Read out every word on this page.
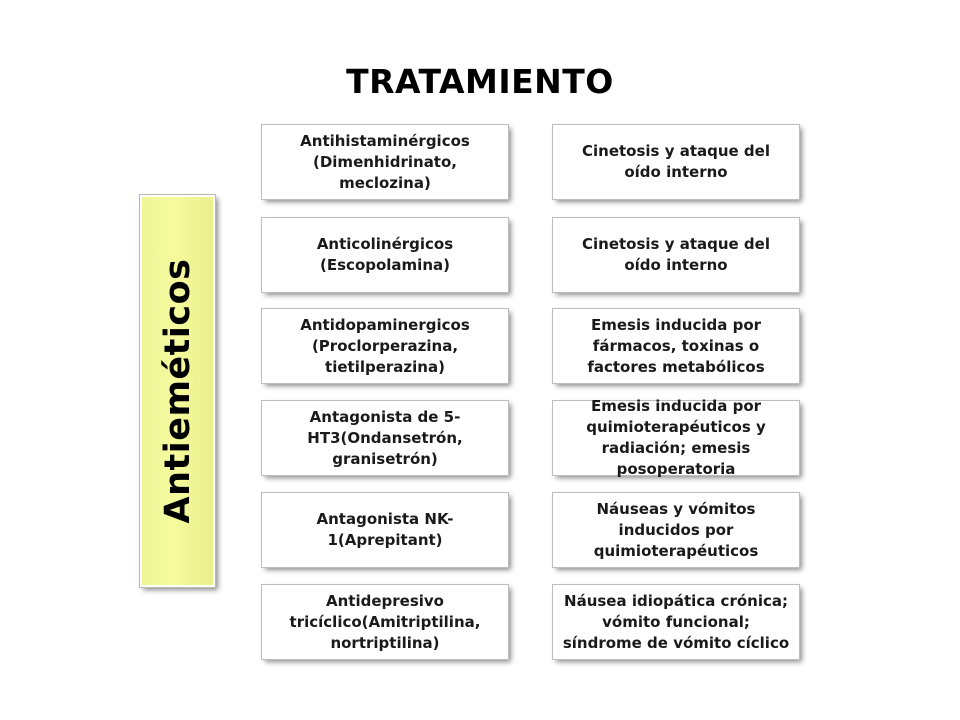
TRATAMIENTO
Antieméticos
Antihistaminérgicos (Dimenhidrinato, meclozina)
Cinetosis y ataque del oído interno
Anticolinérgicos (Escopolamina)
Cinetosis y ataque del oído interno
Antidopaminergicos (Proclorperazina, tietilperazina)
Emesis inducida por fármacos, toxinas o factores metabólicos
Antagonista de 5-HT3(Ondansetrón, granisetrón)
Emesis inducida por quimioterapéuticos y radiación; emesis posoperatoria
Antagonista NK-1(Aprepitant)
Náuseas y vómitos inducidos por quimioterapéuticos
Antidepresivo tricíclico(Amitriptilina, nortriptilina)
Náusea idiopática crónica; vómito funcional; síndrome de vómito cíclico
